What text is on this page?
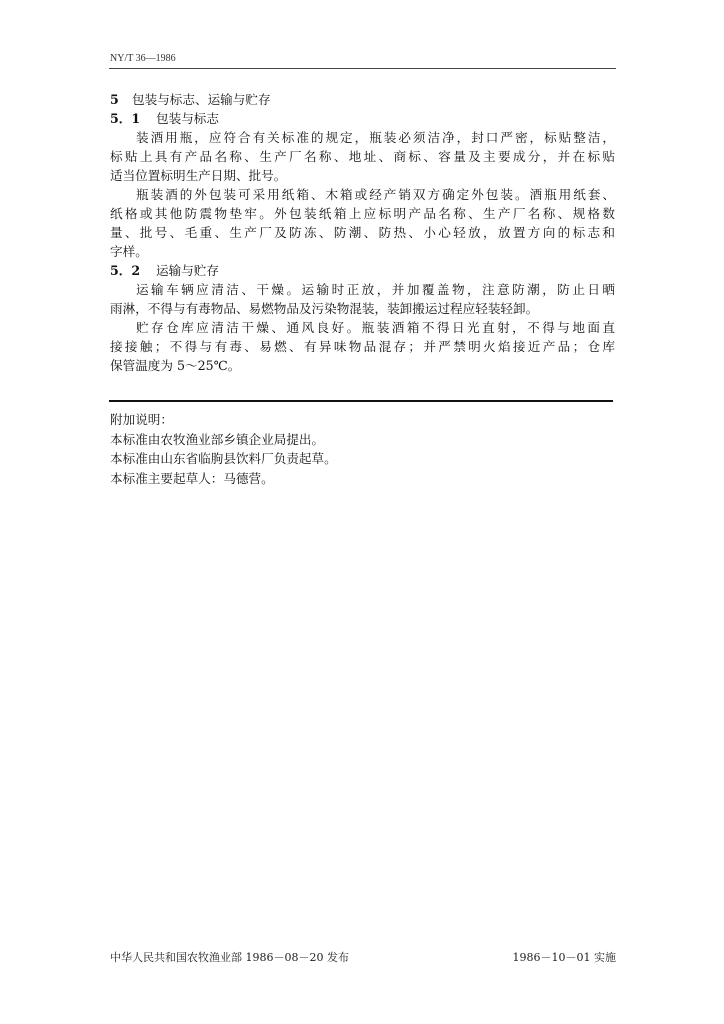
NY/T 36—1986
5 包装与标志、运输与贮存
5．1 包装与标志
装酒用瓶，应符合有关标准的规定，瓶装必须洁净，封口严密，标贴整洁，
标贴上具有产品名称、生产厂名称、地址、商标、容量及主要成分，并在标贴
适当位置标明生产日期、批号。
瓶装酒的外包装可采用纸箱、木箱或经产销双方确定外包装。酒瓶用纸套、
纸格或其他防震物垫牢。外包装纸箱上应标明产品名称、生产厂名称、规格数
量、批号、毛重、生产厂及防冻、防潮、防热、小心轻放，放置方向的标志和
字样。
5．2 运输与贮存
运输车辆应清洁、干燥。运输时正放，并加覆盖物，注意防潮，防止日晒
雨淋，不得与有毒物品、易燃物品及污染物混装，装卸搬运过程应轻装轻卸。
贮存仓库应清洁干燥、通风良好。瓶装酒箱不得日光直射，不得与地面直
接接触；不得与有毒、易燃、有异味物品混存；并严禁明火焰接近产品；仓库
保管温度为 5～25℃。
附加说明：
本标准由农牧渔业部乡镇企业局提出。
本标准由山东省临朐县饮料厂负责起草。
本标准主要起草人：马德营。
中华人民共和国农牧渔业部 1986－08－20 发布	1986－10－01 实施
